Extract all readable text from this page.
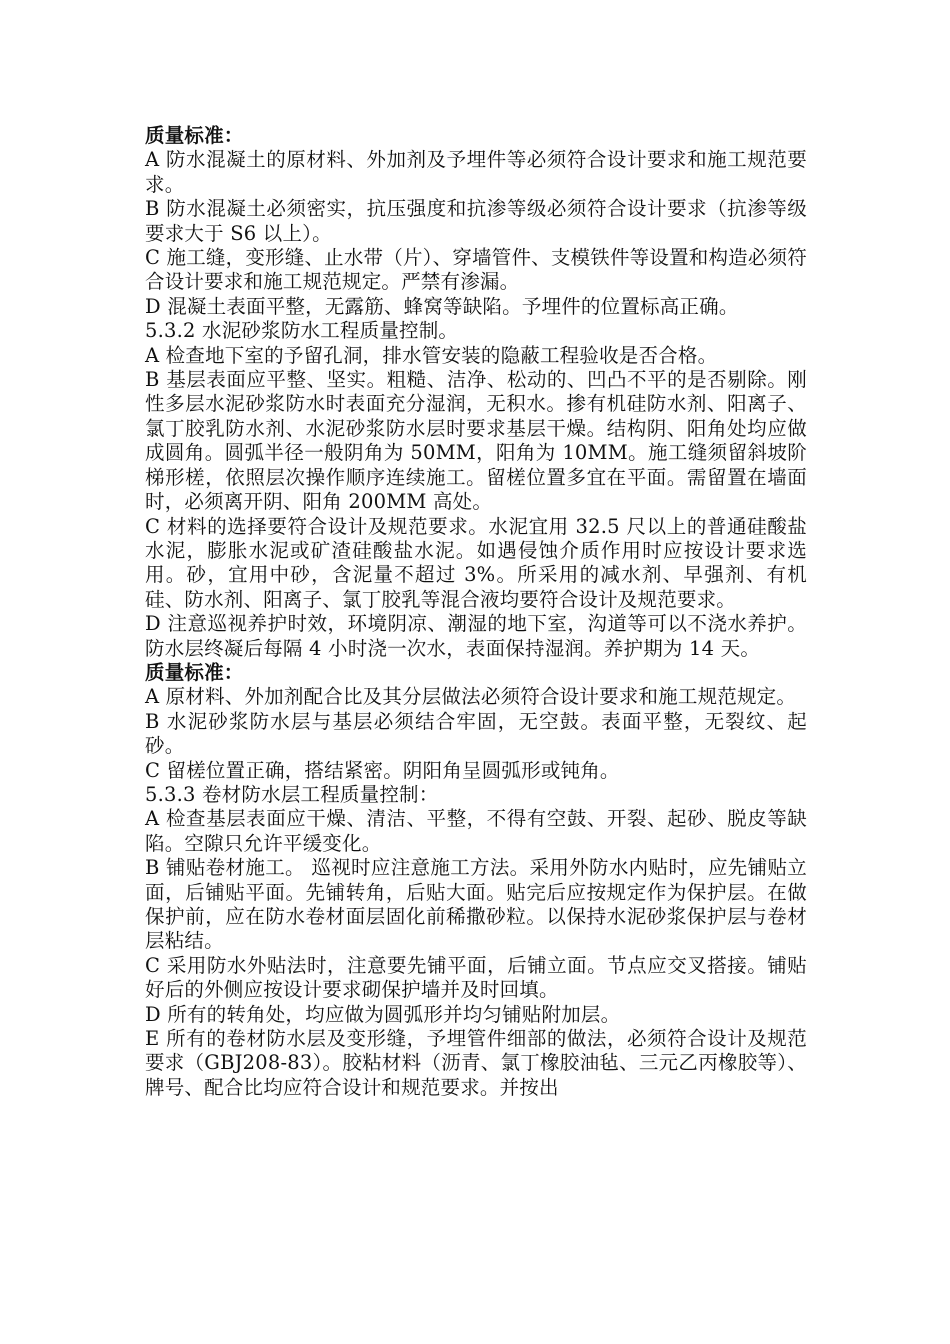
质量标准：

A 防水混凝土的原材料、外加剂及予埋件等必须符合设计要求和施工规范要求。

B 防水混凝土必须密实，抗压强度和抗渗等级必须符合设计要求（抗渗等级要求大于 S6 以上）。

C 施工缝，变形缝、止水带（片）、穿墙管件、支模铁件等设置和构造必须符合设计要求和施工规范规定。严禁有渗漏。

D 混凝土表面平整，无露筋、蜂窝等缺陷。予埋件的位置标高正确。

5.3.2 水泥砂浆防水工程质量控制。

A 检查地下室的予留孔洞，排水管安装的隐蔽工程验收是否合格。

B 基层表面应平整、坚实。粗糙、洁净、松动的、凹凸不平的是否剔除。刚性多层水泥砂浆防水时表面充分湿润，无积水。掺有机硅防水剂、阳离子、氯丁胶乳防水剂、水泥砂浆防水层时要求基层干燥。结构阴、阳角处均应做成圆角。圆弧半径一般阴角为 50MM，阳角为 10MM。施工缝须留斜坡阶梯形槎，依照层次操作顺序连续施工。留槎位置多宜在平面。需留置在墙面时，必须离开阴、阳角 200MM 高处。

C 材料的选择要符合设计及规范要求。水泥宜用 32.5 尺以上的普通硅酸盐水泥，膨胀水泥或矿渣硅酸盐水泥。如遇侵蚀介质作用时应按设计要求选用。砂，宜用中砂，含泥量不超过 3%。所采用的减水剂、早强剂、有机硅、防水剂、阳离子、氯丁胶乳等混合液均要符合设计及规范要求。

D 注意巡视养护时效，环境阴凉、潮湿的地下室，沟道等可以不浇水养护。防水层终凝后每隔 4 小时浇一次水，表面保持湿润。养护期为 14 天。

质量标准：

A 原材料、外加剂配合比及其分层做法必须符合设计要求和施工规范规定。

B 水泥砂浆防水层与基层必须结合牢固，无空鼓。表面平整，无裂纹、起砂。

C 留槎位置正确，搭结紧密。阴阳角呈圆弧形或钝角。

5.3.3 卷材防水层工程质量控制：

A 检查基层表面应干燥、清洁、平整，不得有空鼓、开裂、起砂、脱皮等缺陷。空隙只允许平缓变化。

B 铺贴卷材施工。 巡视时应注意施工方法。采用外防水内贴时，应先铺贴立面，后铺贴平面。先铺转角，后贴大面。贴完后应按规定作为保护层。在做保护前，应在防水卷材面层固化前稀撒砂粒。以保持水泥砂浆保护层与卷材层粘结。

C 采用防水外贴法时，注意要先铺平面，后铺立面。节点应交叉搭接。铺贴好后的外侧应按设计要求砌保护墙并及时回填。

D 所有的转角处，均应做为圆弧形并均匀铺贴附加层。

E 所有的卷材防水层及变形缝，予埋管件细部的做法，必须符合设计及规范要求（GBJ208-83）。胶粘材料（沥青、氯丁橡胶油毡、三元乙丙橡胶等）、牌号、配合比均应符合设计和规范要求。并按出
